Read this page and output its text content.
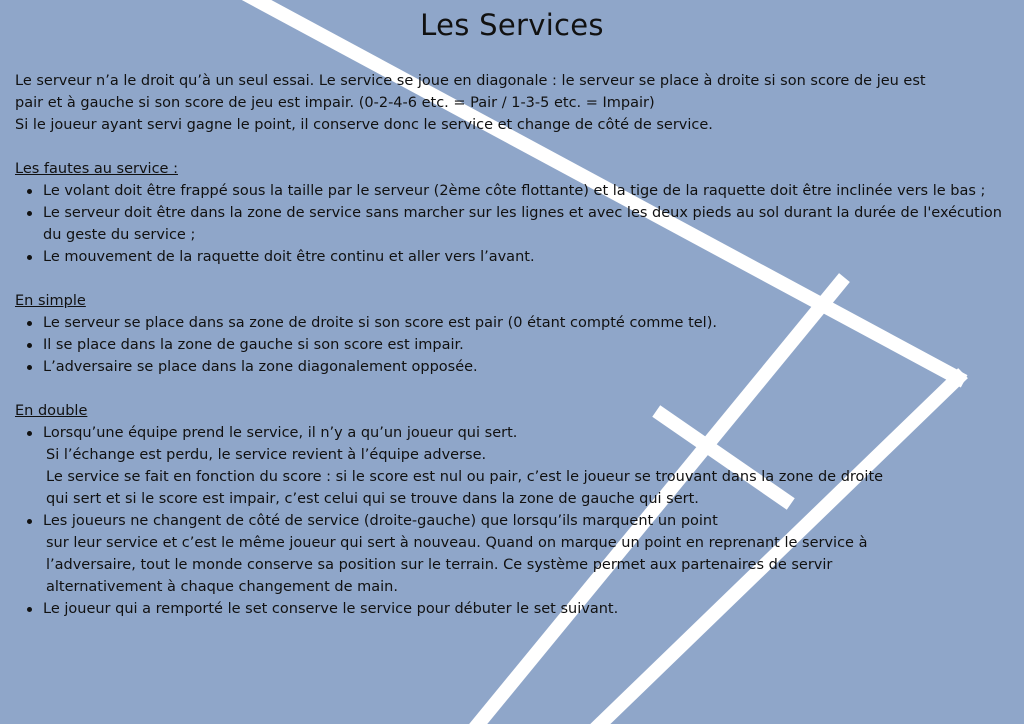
Les Services

Le serveur n’a le droit qu’à un seul essai. Le service se joue en diagonale : le serveur se place à droite si son score de jeu est

pair et à gauche si son score de jeu est impair. (0-2-4-6 etc. = Pair / 1-3-5 etc. = Impair)

Si le joueur ayant servi gagne le point, il conserve donc le service et change de côté de service.

Les fautes au service :

Le volant doit être frappé sous la taille par le serveur (2ème côte flottante) et la tige de la raquette doit être inclinée vers le bas ;
Le serveur doit être dans la zone de service sans marcher sur les lignes et avec les deux pieds au sol durant la durée de l'exécution du geste du service ;
Le mouvement de la raquette doit être continu et aller vers l’avant.

En simple

Le serveur se place dans sa zone de droite si son score est pair (0 étant compté comme tel).
Il se place dans la zone de gauche si son score est impair.
L’adversaire se place dans la zone diagonalement opposée.

En double

Lorsqu’une équipe prend le service, il n’y a qu’un joueur qui sert.
Si l’échange est perdu, le service revient à l’équipe adverse.
Le service se fait en fonction du score : si le score est nul ou pair, c’est le joueur se trouvant dans la zone de droite
qui sert et si le score est impair, c’est celui qui se trouve dans la zone de gauche qui sert.
Les joueurs ne changent de côté de service (droite-gauche) que lorsqu’ils marquent un point
sur leur service et c’est le même joueur qui sert à nouveau. Quand on marque un point en reprenant le service à
l’adversaire, tout le monde conserve sa position sur le terrain. Ce système permet aux partenaires de servir
alternativement à chaque changement de main.
Le joueur qui a remporté le set conserve le service pour débuter le set suivant.
